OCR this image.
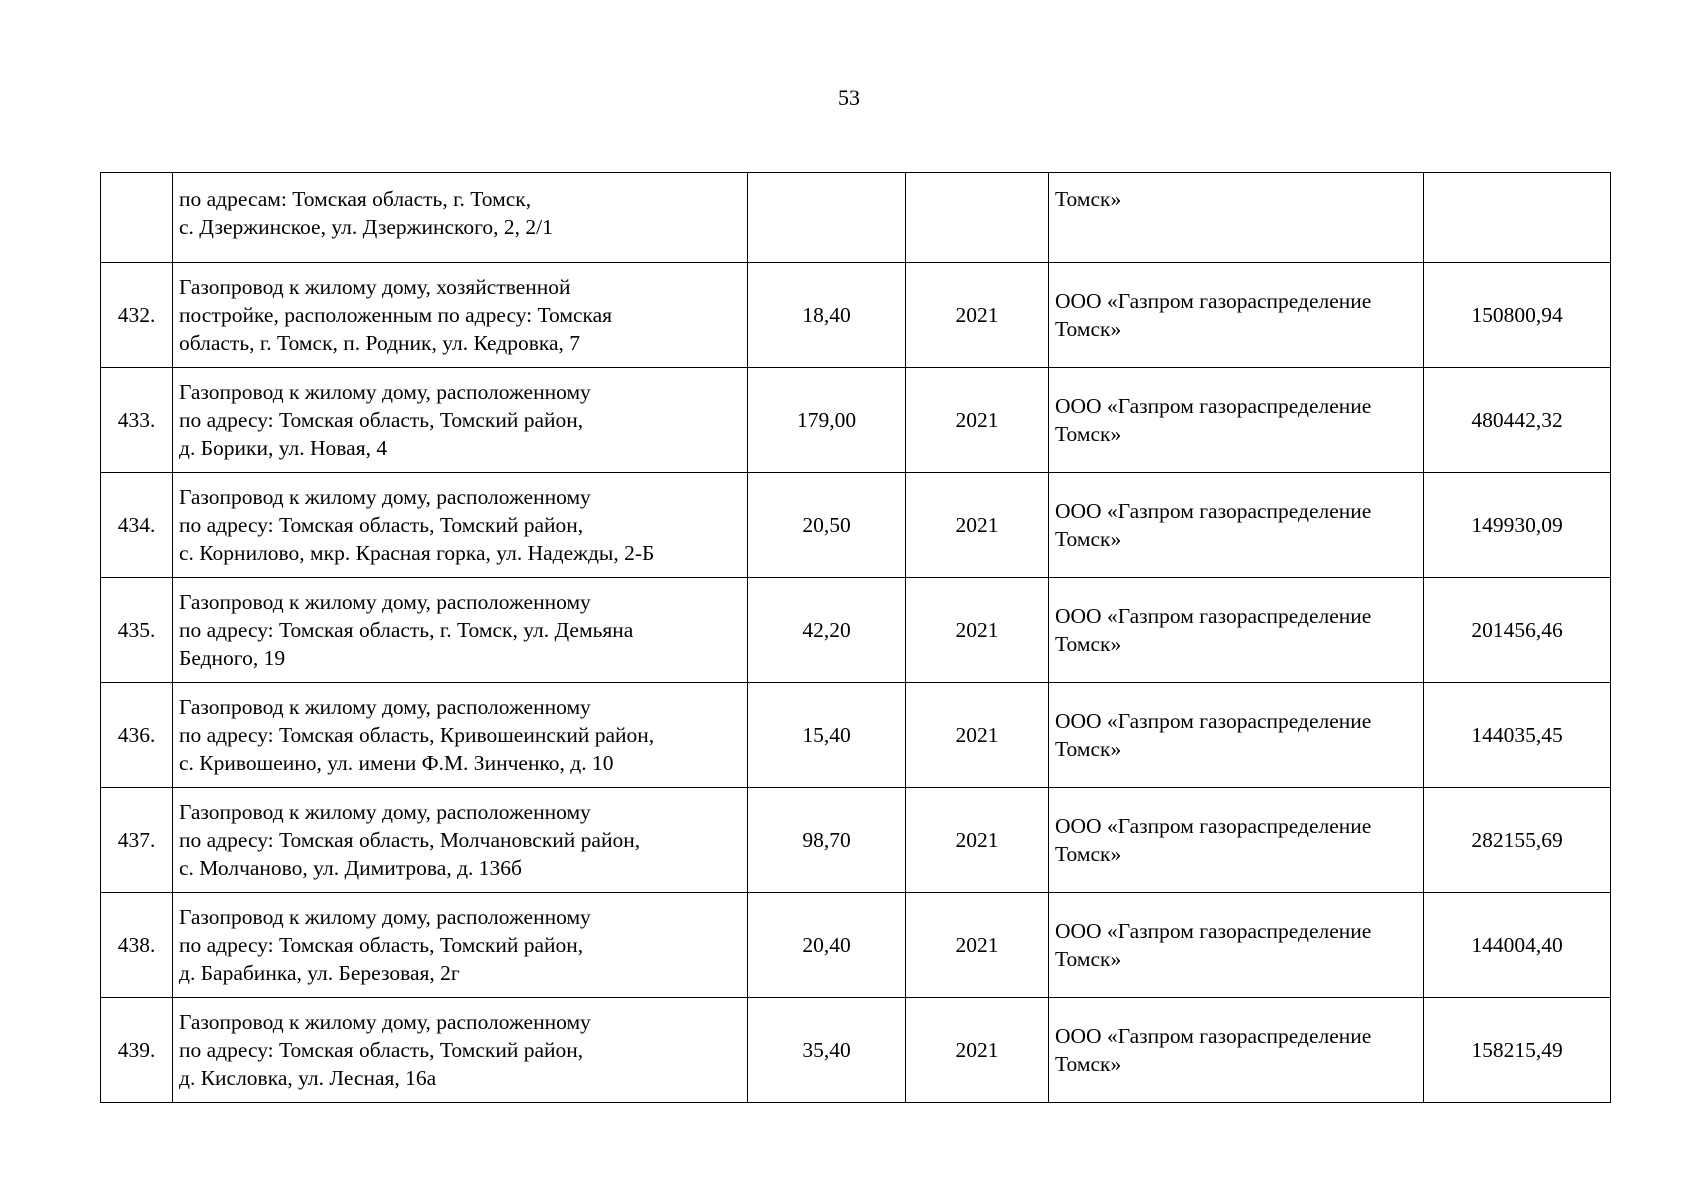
53

	по адресам: Томская область, г. Томск,
с. Дзержинское, ул. Дзержинского, 2, 2/1			Томск»	

432.	Газопровод к жилому дому, хозяйственной
постройке, расположенным по адресу: Томская
область, г. Томск, п. Родник, ул. Кедровка, 7	18,40	2021	ООО «Газпром газораспределение
Томск»	150800,94
433.	Газопровод к жилому дому, расположенному
по адресу: Томская область, Томский район,
д. Борики, ул. Новая, 4	179,00	2021	ООО «Газпром газораспределение
Томск»	480442,32
434.	Газопровод к жилому дому, расположенному
по адресу: Томская область, Томский район,
с. Корнилово, мкр. Красная горка, ул. Надежды, 2-Б	20,50	2021	ООО «Газпром газораспределение
Томск»	149930,09
435.	Газопровод к жилому дому, расположенному
по адресу: Томская область, г. Томск, ул. Демьяна
Бедного, 19	42,20	2021	ООО «Газпром газораспределение
Томск»	201456,46
436.	Газопровод к жилому дому, расположенному
по адресу: Томская область, Кривошеинский район,
с. Кривошеино, ул. имени Ф.М. Зинченко, д. 10	15,40	2021	ООО «Газпром газораспределение
Томск»	144035,45
437.	Газопровод к жилому дому, расположенному
по адресу: Томская область, Молчановский район,
с. Молчаново, ул. Димитрова, д. 136б	98,70	2021	ООО «Газпром газораспределение
Томск»	282155,69
438.	Газопровод к жилому дому, расположенному
по адресу: Томская область, Томский район,
д. Барабинка, ул. Березовая, 2г	20,40	2021	ООО «Газпром газораспределение
Томск»	144004,40
439.	Газопровод к жилому дому, расположенному
по адресу: Томская область, Томский район,
д. Кисловка, ул. Лесная, 16а	35,40	2021	ООО «Газпром газораспределение
Томск»	158215,49
